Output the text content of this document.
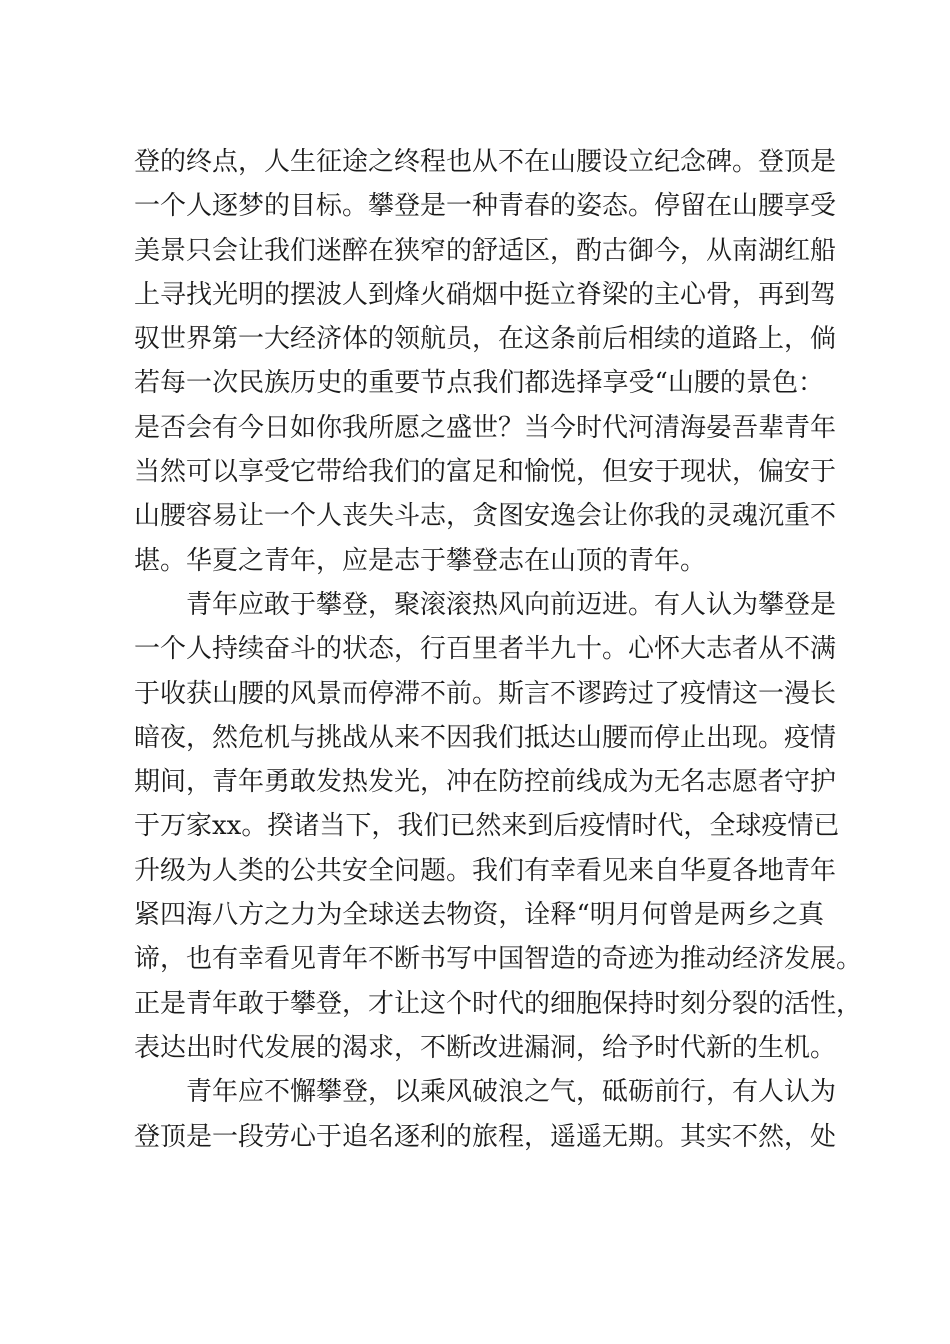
登的终点，人生征途之终程也从不在山腰设立纪念碑。登顶是
一个人逐梦的目标。攀登是一种青春的姿态。停留在山腰享受
美景只会让我们迷醉在狭窄的舒适区，酌古御今，从南湖红船
上寻找光明的摆波人到烽火硝烟中挺立脊梁的主心骨，再到驾
驭世界第一大经济体的领航员，在这条前后相续的道路上，倘
若每一次民族历史的重要节点我们都选择享受“山腰的景色：
是否会有今日如你我所愿之盛世？当今时代河清海晏吾辈青年
当然可以享受它带给我们的富足和愉悦，但安于现状，偏安于
山腰容易让一个人丧失斗志，贪图安逸会让你我的灵魂沉重不
堪。华夏之青年，应是志于攀登志在山顶的青年。
青年应敢于攀登，聚滚滚热风向前迈进。有人认为攀登是
一个人持续奋斗的状态，行百里者半九十。心怀大志者从不满
于收获山腰的风景而停滞不前。斯言不谬跨过了疫情这一漫长
暗夜，然危机与挑战从来不因我们抵达山腰而停止出现。疫情
期间，青年勇敢发热发光，冲在防控前线成为无名志愿者守护
于万家xx。揆诸当下，我们已然来到后疫情时代，全球疫情已
升级为人类的公共安全问题。我们有幸看见来自华夏各地青年
紧四海八方之力为全球送去物资，诠释“明月何曾是两乡之真
谛，也有幸看见青年不断书写中国智造的奇迹为推动经济发展。
正是青年敢于攀登，才让这个时代的细胞保持时刻分裂的活性，
表达出时代发展的渴求，不断改进漏洞，给予时代新的生机。
青年应不懈攀登，以乘风破浪之气，砥砺前行，有人认为
登顶是一段劳心于追名逐利的旅程，遥遥无期。其实不然，处
